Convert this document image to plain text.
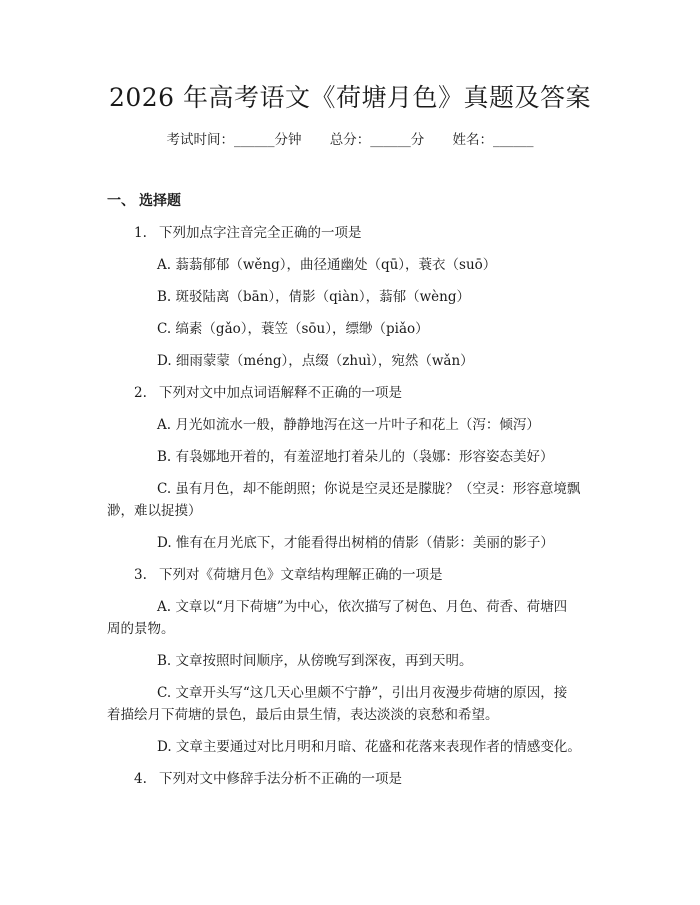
2026 年高考语文《荷塘月色》真题及答案
考试时间：______分钟 总分：______分 姓名：______
一、 选择题
1. 下列加点字注音完全正确的一项是
A. 蓊蓊郁郁（wěng），曲径通幽处（qū），蓑衣（suō）
B. 斑驳陆离（bān），倩影（qiàn），蓊郁（wèng）
C. 缟素（gǎo），蓑笠（sōu），缥缈（piǎo）
D. 细雨蒙蒙（méng），点缀（zhuì），宛然（wǎn）
2. 下列对文中加点词语解释不正确的一项是
A. 月光如流水一般，静静地泻在这一片叶子和花上（泻：倾泻）
B. 有袅娜地开着的，有羞涩地打着朵儿的（袅娜：形容姿态美好）
C. 虽有月色，却不能朗照；你说是空灵还是朦胧？（空灵：形容意境飘
渺，难以捉摸）
D. 惟有在月光底下，才能看得出树梢的倩影（倩影：美丽的影子）
3. 下列对《荷塘月色》文章结构理解正确的一项是
A. 文章以“月下荷塘”为中心，依次描写了树色、月色、荷香、荷塘四
周的景物。
B. 文章按照时间顺序，从傍晚写到深夜，再到天明。
C. 文章开头写“这几天心里颇不宁静”，引出月夜漫步荷塘的原因，接
着描绘月下荷塘的景色，最后由景生情，表达淡淡的哀愁和希望。
D. 文章主要通过对比月明和月暗、花盛和花落来表现作者的情感变化。
4. 下列对文中修辞手法分析不正确的一项是
